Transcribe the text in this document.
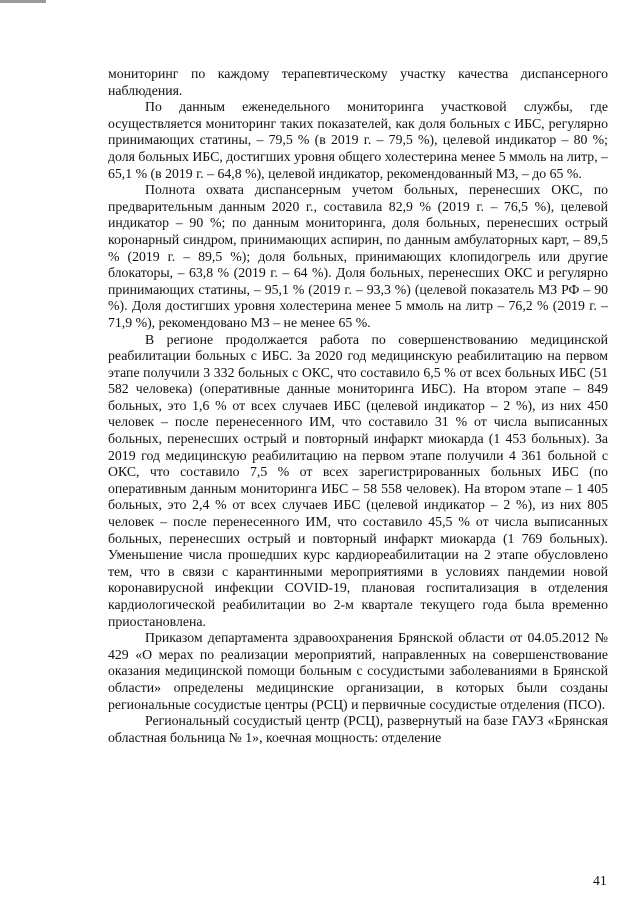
мониторинг по каждому терапевтическому участку качества диспансерного наблюдения.

По данным еженедельного мониторинга участковой службы, где осуществляется мониторинг таких показателей, как доля больных с ИБС, регулярно принимающих статины, – 79,5 % (в 2019 г. – 79,5 %), целевой индикатор – 80 %; доля больных ИБС, достигших уровня общего холестерина менее 5 ммоль на литр, – 65,1 % (в 2019 г. – 64,8 %), целевой индикатор, рекомендованный МЗ, – до 65 %.

Полнота охвата диспансерным учетом больных, перенесших ОКС, по предварительным данным 2020 г., составила 82,9 % (2019 г. – 76,5 %), целевой индикатор – 90 %; по данным мониторинга, доля больных, перенесших острый коронарный синдром, принимающих аспирин, по данным амбулаторных карт, – 89,5 % (2019 г. – 89,5 %); доля больных, принимающих клопидогрель или другие блокаторы, – 63,8 % (2019 г. – 64 %). Доля больных, перенесших ОКС и регулярно принимающих статины, – 95,1 % (2019 г. – 93,3 %) (целевой показатель МЗ РФ – 90 %). Доля достигших уровня холестерина менее 5 ммоль на литр – 76,2 % (2019 г. – 71,9 %), рекомендовано МЗ – не менее 65 %.

В регионе продолжается работа по совершенствованию медицинской реабилитации больных с ИБС. За 2020 год медицинскую реабилитацию на первом этапе получили 3 332 больных с ОКС, что составило 6,5 % от всех больных ИБС (51 582 человека) (оперативные данные мониторинга ИБС). На втором этапе – 849 больных, это 1,6 % от всех случаев ИБС (целевой индикатор – 2 %), из них 450 человек – после перенесенного ИМ, что составило 31 % от числа выписанных больных, перенесших острый и повторный инфаркт миокарда (1 453 больных). За 2019 год медицинскую реабилитацию на первом этапе получили 4 361 больной с ОКС, что составило 7,5 % от всех зарегистрированных больных ИБС (по оперативным данным мониторинга ИБС – 58 558 человек). На втором этапе – 1 405 больных, это 2,4 % от всех случаев ИБС (целевой индикатор – 2 %), из них 805 человек – после перенесенного ИМ, что составило 45,5 % от числа выписанных больных, перенесших острый и повторный инфаркт миокарда (1 769 больных). Уменьшение числа прошедших курс кардиореабилитации на 2 этапе обусловлено тем, что в связи с карантинными мероприятиями в условиях пандемии новой коронавирусной инфекции COVID-19, плановая госпитализация в отделения кардиологической реабилитации во 2-м квартале текущего года была временно приостановлена.

Приказом департамента здравоохранения Брянской области от 04.05.2012 № 429 «О мерах по реализации мероприятий, направленных на совершенствование оказания медицинской помощи больным с сосудистыми заболеваниями в Брянской области» определены медицинские организации, в которых были созданы региональные сосудистые центры (РСЦ) и первичные сосудистые отделения (ПСО).

Региональный сосудистый центр (РСЦ), развернутый на базе ГАУЗ «Брянская областная больница № 1», коечная мощность: отделение

41
